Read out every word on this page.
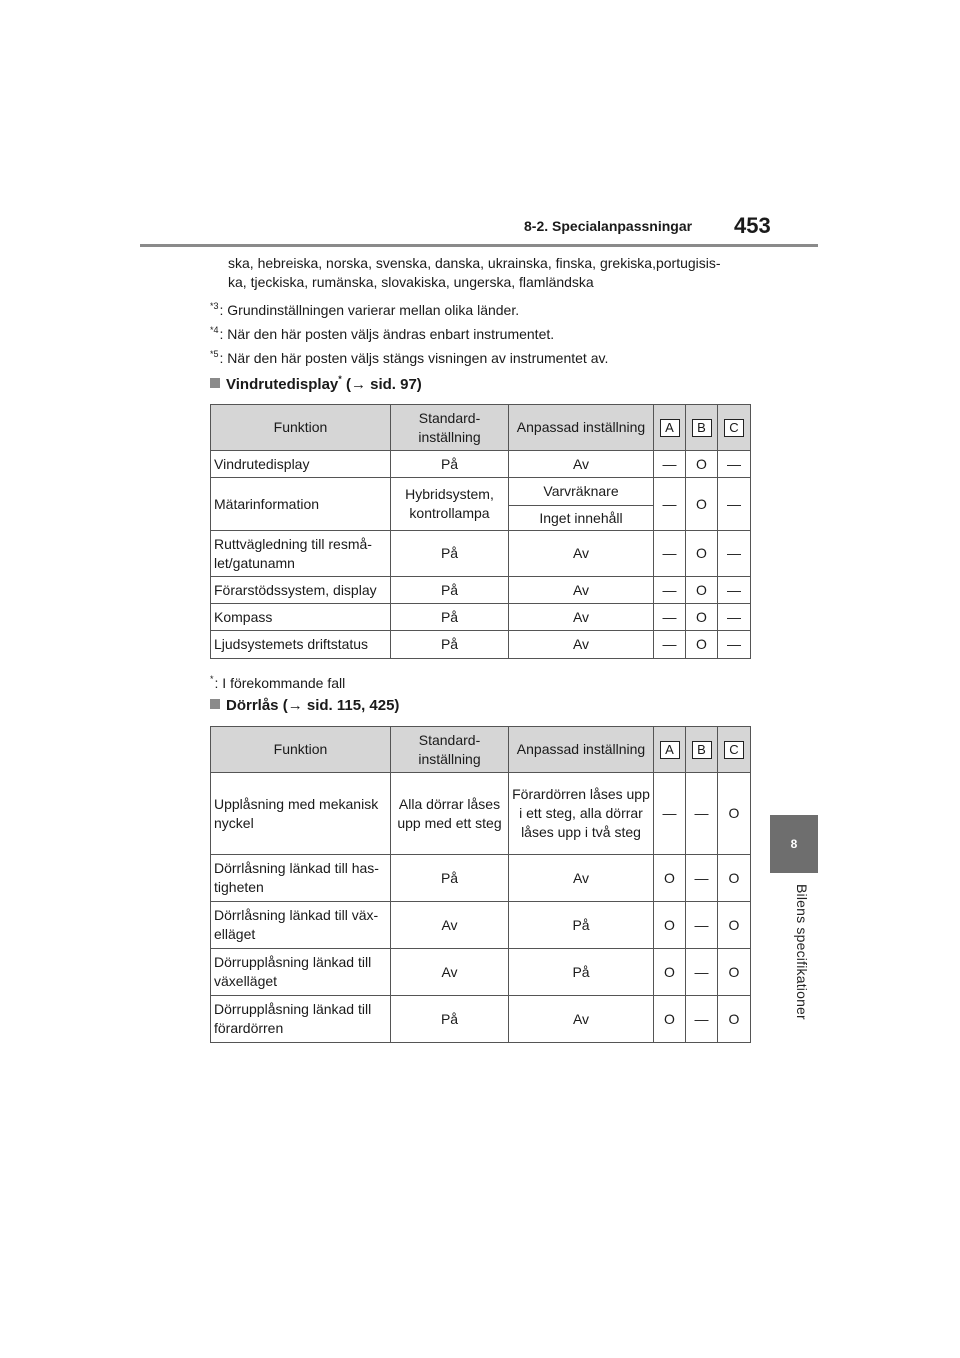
8-2. Specialanpassningar 453
8
Bilens specifikationer
ska, hebreiska, norska, svenska, danska, ukrainska, finska, grekiska,portugisis-
ka, tjeckiska, rumänska, slovakiska, ungerska, flamländska
$^{*3}$: Grundinställningen varierar mellan olika länder.
$^{*4}$: När den här posten väljs ändras enbart instrumentet.
$^{*5}$: När den här posten väljs stängs visningen av instrumentet av.
Vindrutedisplay* (→ sid. 97)
Funktion	Standard-inställning	Anpassad inställning	A	B	C
Vindrutedisplay	På	Av	—	O	—
Mätarinformation	Hybridsystem, kontrollampa	Varvräknare	—	O	—
		Inget innehåll			
Ruttvägledning till resmå-let/gatunamn	På	Av	—	O	—
Förarstödssystem, display	På	Av	—	O	—
Kompass	På	Av	—	O	—
Ljudsystemets driftstatus	På	Av	—	O	—
*: I förekommande fall
Dörrlås (→ sid. 115, 425)
Funktion	Standard-inställning	Anpassad inställning	A	B	C
Upplåsning med mekanisk nyckel	Alla dörrar låses upp med ett steg	Förardörren låses upp i ett steg, alla dörrar låses upp i två steg	—	—	O
Dörrlåsning länkad till has-tigheten	På	Av	O	—	O
Dörrlåsning länkad till väx-elläget	Av	På	O	—	O
Dörrupplåsning länkad till växelläget	Av	På	O	—	O
Dörrupplåsning länkad till förardörren	På	Av	O	—	O
